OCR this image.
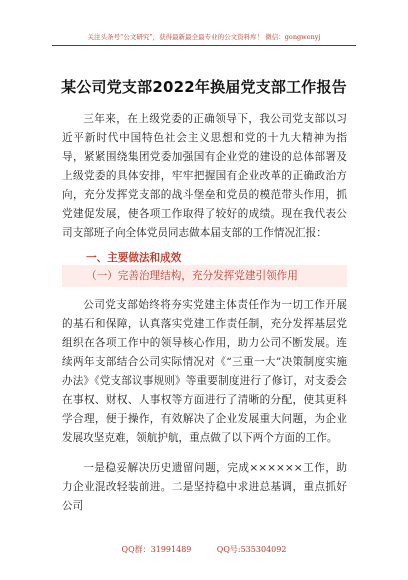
关注头条号“公文研究”，获得最新最全最专业的公文资料库！ 微信：gongwenyj
某公司党支部2022年换届党支部工作报告

三年来，在上级党委的正确领导下，我公司党支部以习近平新时代中国特色社会主义思想和党的十九大精神为指导，紧紧围绕集团党委加强国有企业党的建设的总体部署及上级党委的具体安排，牢牢把握国有企业改革的正确政治方向，充分发挥党支部的战斗堡垒和党员的模范带头作用，抓党建促发展，使各项工作取得了较好的成绩。现在我代表公司支部班子向全体党员同志做本届支部的工作情况汇报：

一、主要做法和成效
（一）完善治理结构，充分发挥党建引领作用

公司党支部始终将夯实党建主体责任作为一切工作开展的基石和保障，认真落实党建工作责任制，充分发挥基层党组织在各项工作中的领导核心作用，助力公司不断发展。连续两年支部结合公司实际情况对《“三重一大”决策制度实施办法》《党支部议事规则》等重要制度进行了修订，对支委会在事权、财权、人事权等方面进行了清晰的分配，使其更科学合理，便于操作，有效解决了企业发展重大问题，为企业发展攻坚克难，领航护航，重点做了以下两个方面的工作。

一是稳妥解决历史遗留问题，完成××××××工作，助力企业混改轻装前进。二是坚持稳中求进总基调，重点抓好公司

QQ群：31991489          QQ号:535304092
